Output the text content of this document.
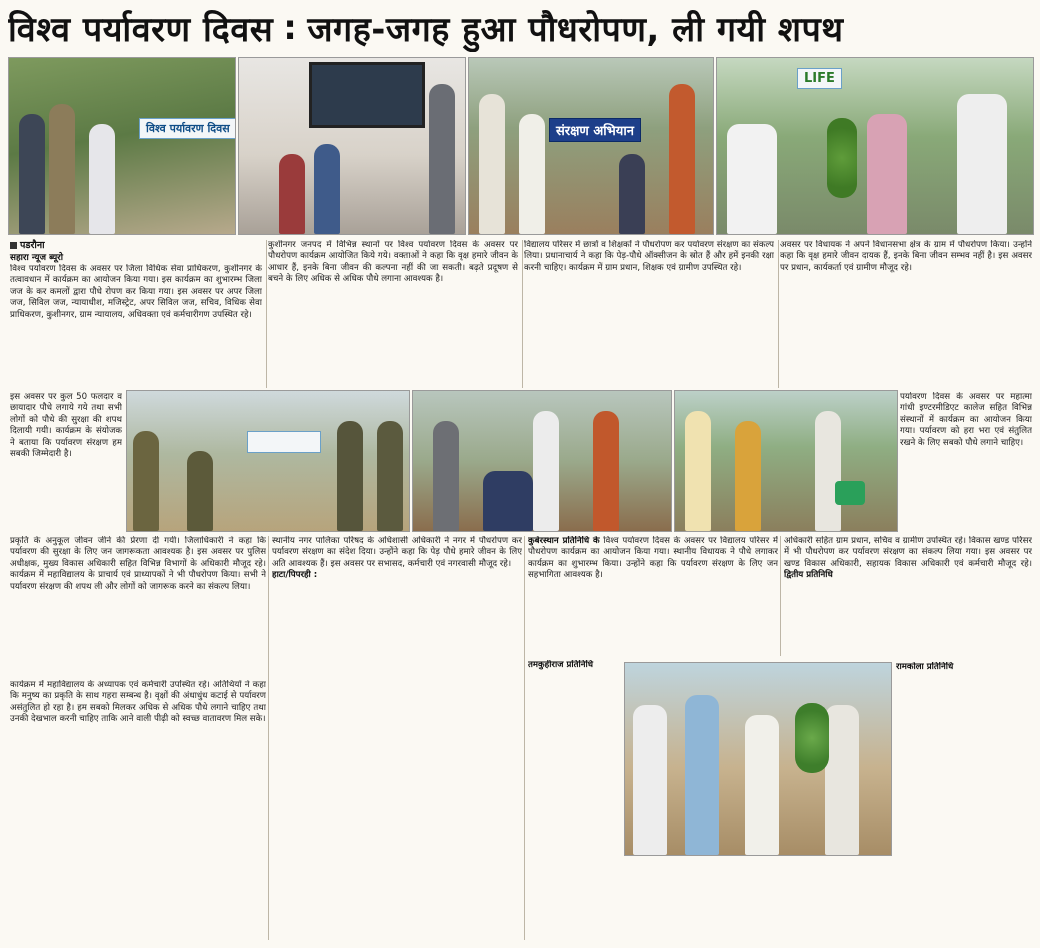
विश्व पर्यावरण दिवस : जगह-जगह हुआ पौधरोपण, ली गयी शपथ
विश्व पर्यावरण दिवस	संरक्षण अभियान
LIFE
पडरौना
सहारा न्यूज ब्यूरो
विश्व पर्यावरण दिवस के अवसर पर जिला विधिक सेवा प्राधिकरण, कुशीनगर के तत्वावधान में कार्यक्रम का आयोजन किया गया। इस कार्यक्रम का शुभारम्भ जिला जज के कर कमलों द्वारा पौधे रोपण कर किया गया। इस अवसर पर अपर जिला जज, सिविल जज, न्यायाधीश, मजिस्ट्रेट, अपर सिविल जज, सचिव, विधिक सेवा प्राधिकरण, कुशीनगर, ग्राम न्यायालय, अधिवक्ता एवं कर्मचारीगण उपस्थित रहे।
कुशीनगर जनपद में विभिन्न स्थानों पर विश्व पर्यावरण दिवस के अवसर पर पौधरोपण कार्यक्रम आयोजित किये गये। वक्ताओं ने कहा कि वृक्ष हमारे जीवन के आधार हैं, इनके बिना जीवन की कल्पना नहीं की जा सकती। बढ़ते प्रदूषण से बचने के लिए अधिक से अधिक पौधे लगाना आवश्यक है।
विद्यालय परिसर में छात्रों व शिक्षकों ने पौधरोपण कर पर्यावरण संरक्षण का संकल्प लिया। प्रधानाचार्य ने कहा कि पेड़-पौधे ऑक्सीजन के स्रोत हैं और हमें इनकी रक्षा करनी चाहिए। कार्यक्रम में ग्राम प्रधान, शिक्षक एवं ग्रामीण उपस्थित रहे।
अवसर पर विधायक ने अपने विधानसभा क्षेत्र के ग्राम में पौधरोपण किया। उन्होंने कहा कि वृक्ष हमारे जीवन दायक हैं, इनके बिना जीवन सम्भव नहीं है। इस अवसर पर प्रधान, कार्यकर्ता एवं ग्रामीण मौजूद रहे।
पर्यावरण दिवस के अवसर पर महात्मा गांधी इण्टरमीडिएट कालेज सहित विभिन्न संस्थानों में कार्यक्रम का आयोजन किया गया। पर्यावरण को हरा भरा एवं संतुलित रखने के लिए सबको पौधे लगाने चाहिए।
इस अवसर पर कुल 50 फलदार व छायादार पौधे लगाये गये तथा सभी लोगों को पौधे की सुरक्षा की शपथ दिलायी गयी। कार्यक्रम के संयोजक ने बताया कि पर्यावरण संरक्षण हम सबकी जिम्मेदारी है।
प्रकृति के अनुकूल जीवन जीने की प्रेरणा दी गयी। जिलाधिकारी ने कहा कि पर्यावरण की सुरक्षा के लिए जन जागरूकता आवश्यक है। इस अवसर पर पुलिस अधीक्षक, मुख्य विकास अधिकारी सहित विभिन्न विभागों के अधिकारी मौजूद रहे। कार्यक्रम में महाविद्यालय के प्राचार्य एवं प्राध्यापकों ने भी पौधरोपण किया। सभी ने पर्यावरण संरक्षण की शपथ ली और लोगों को जागरूक करने का संकल्प लिया।
कार्यक्रम में महाविद्यालय के अध्यापक एवं कर्मचारी उपस्थित रहे। अतिथियों ने कहा कि मनुष्य का प्रकृति के साथ गहरा सम्बन्ध है। वृक्षों की अंधाधुंध कटाई से पर्यावरण असंतुलित हो रहा है। हम सबको मिलकर अधिक से अधिक पौधे लगाने चाहिए तथा उनकी देखभाल करनी चाहिए ताकि आने वाली पीढ़ी को स्वच्छ वातावरण मिल सके।
स्थानीय नगर पालिका परिषद के अधिशासी अधिकारी ने नगर में पौधरोपण कर पर्यावरण संरक्षण का संदेश दिया। उन्होंने कहा कि पेड़ पौधे हमारे जीवन के लिए अति आवश्यक हैं। इस अवसर पर सभासद, कर्मचारी एवं नगरवासी मौजूद रहे।
हाटा/पिपरही :
कुबेरस्थान प्रतिनिधि के विश्व पर्यावरण दिवस के अवसर पर विद्यालय परिसर में पौधरोपण कार्यक्रम का आयोजन किया गया। स्थानीय विधायक ने पौधे लगाकर कार्यक्रम का शुभारम्भ किया। उन्होंने कहा कि पर्यावरण संरक्षण के लिए जन सहभागिता आवश्यक है।
अधिकारी सहित ग्राम प्रधान, सचिव व ग्रामीण उपस्थित रहे। विकास खण्ड परिसर में भी पौधरोपण कर पर्यावरण संरक्षण का संकल्प लिया गया। इस अवसर पर खण्ड विकास अधिकारी, सहायक विकास अधिकारी एवं कर्मचारी मौजूद रहे। द्वितीय प्रतिनिधि
तमकुहीराज प्रतिनिधि	रामकोला प्रतिनिधि
